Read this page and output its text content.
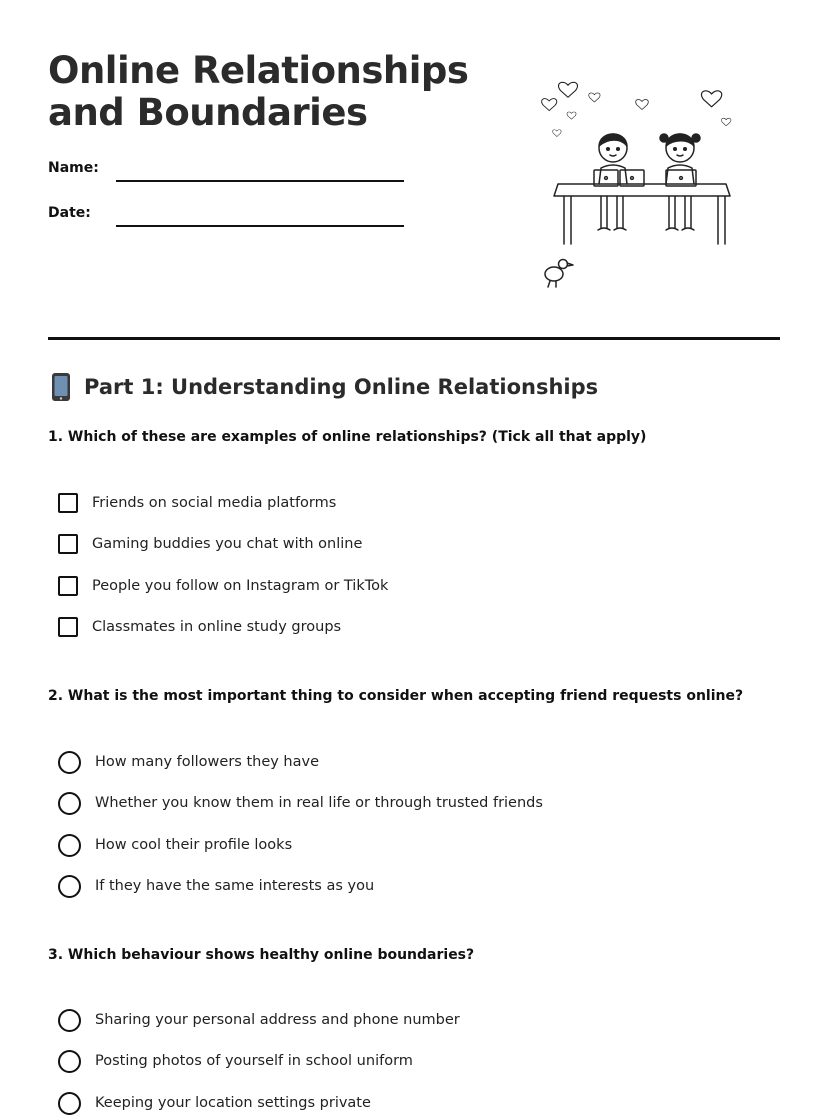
Online Relationships
and Boundaries
Name:
Date:
Part 1: Understanding Online Relationships

1. Which of these are examples of online relationships? (Tick all that apply)

Friends on social media platforms
Gaming buddies you chat with online
People you follow on Instagram or TikTok
Classmates in online study groups

2. What is the most important thing to consider when accepting friend requests online?

How many followers they have
Whether you know them in real life or through trusted friends
How cool their profile looks
If they have the same interests as you

3. Which behaviour shows healthy online boundaries?

Sharing your personal address and phone number
Posting photos of yourself in school uniform
Keeping your location settings private
